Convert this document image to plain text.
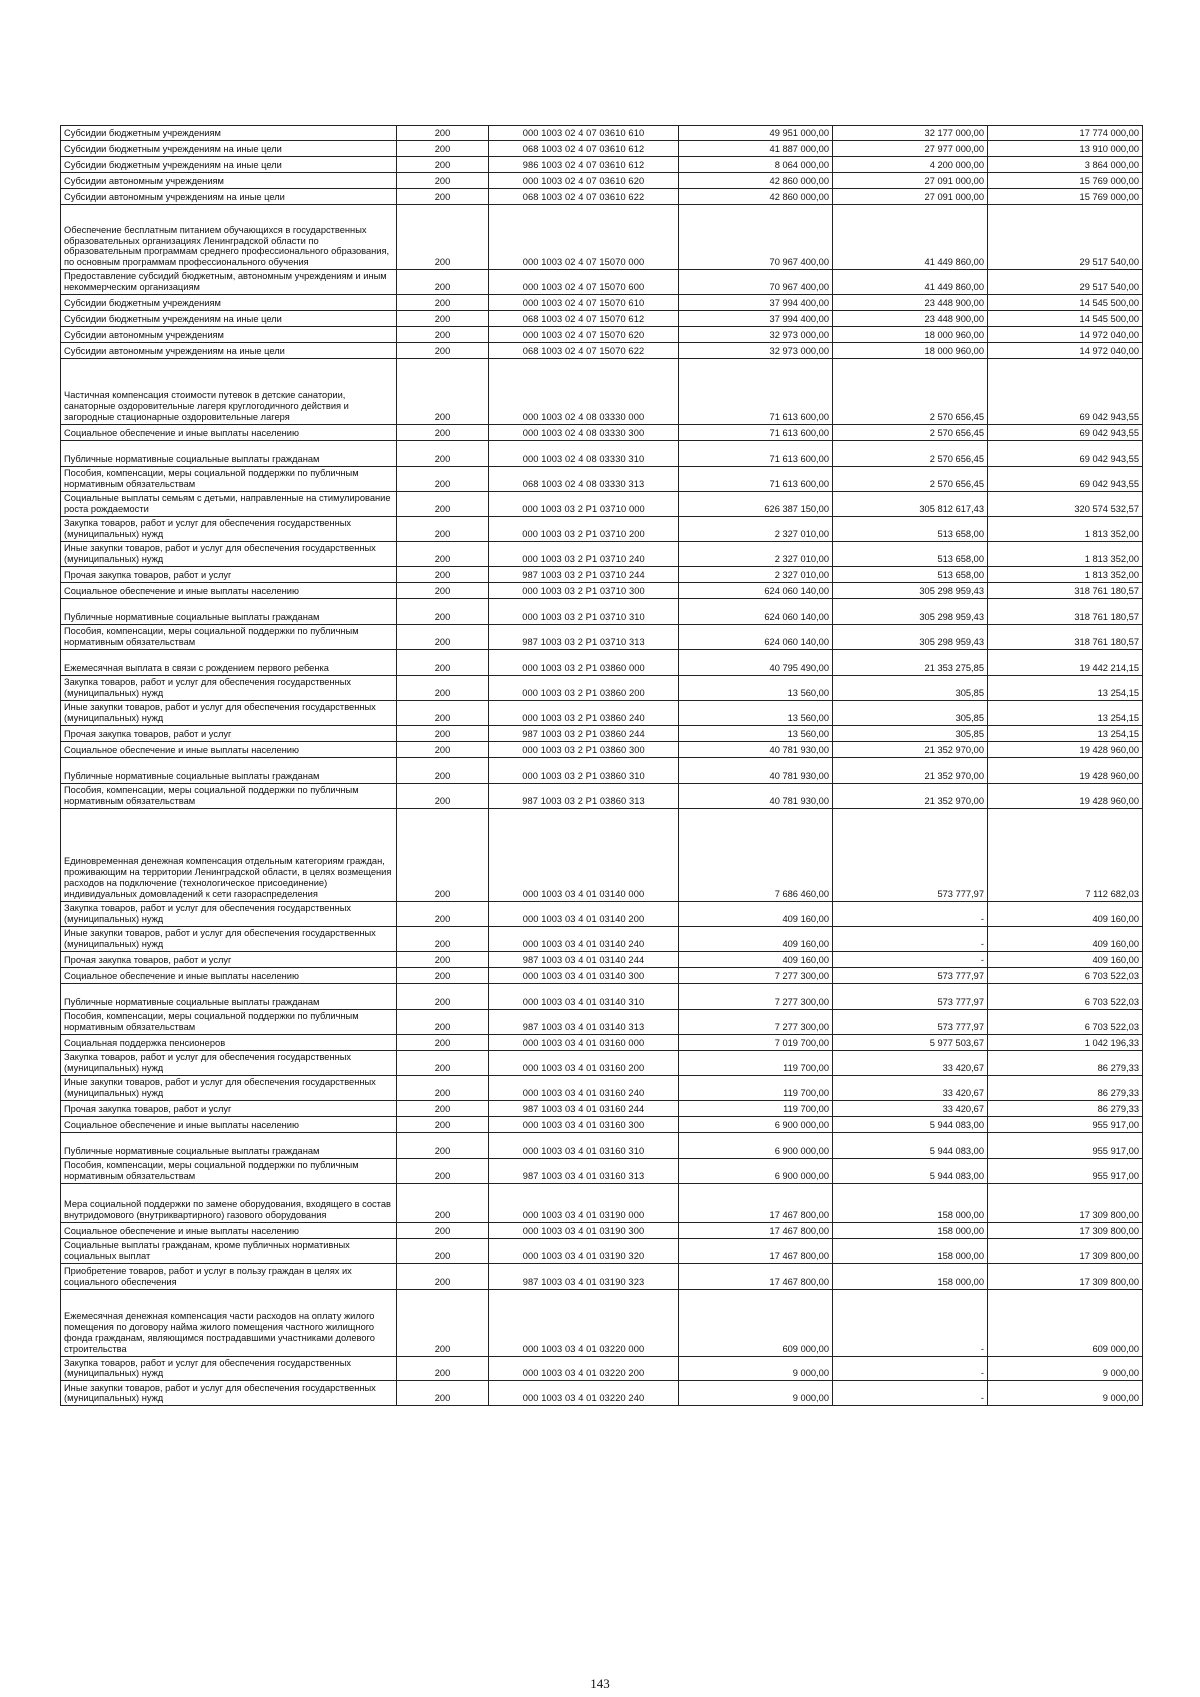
Субсидии бюджетным учреждениям	200	000 1003 02 4 07 03610 610	49 951 000,00	32 177 000,00	17 774 000,00
Субсидии бюджетным учреждениям на иные цели	200	068 1003 02 4 07 03610 612	41 887 000,00	27 977 000,00	13 910 000,00
Субсидии бюджетным учреждениям на иные цели	200	986 1003 02 4 07 03610 612	8 064 000,00	4 200 000,00	3 864 000,00
Субсидии автономным учреждениям	200	000 1003 02 4 07 03610 620	42 860 000,00	27 091 000,00	15 769 000,00
Субсидии автономным учреждениям на иные цели	200	068 1003 02 4 07 03610 622	42 860 000,00	27 091 000,00	15 769 000,00
Обеспечение бесплатным питанием обучающихся в государственных образовательных организациях Ленинградской области по образовательным программам среднего профессионального образования, по основным программам профессионального обучения	200	000 1003 02 4 07 15070 000	70 967 400,00	41 449 860,00	29 517 540,00
Предоставление субсидий бюджетным, автономным учреждениям и иным некоммерческим организациям	200	000 1003 02 4 07 15070 600	70 967 400,00	41 449 860,00	29 517 540,00
Субсидии бюджетным учреждениям	200	000 1003 02 4 07 15070 610	37 994 400,00	23 448 900,00	14 545 500,00
Субсидии бюджетным учреждениям на иные цели	200	068 1003 02 4 07 15070 612	37 994 400,00	23 448 900,00	14 545 500,00
Субсидии автономным учреждениям	200	000 1003 02 4 07 15070 620	32 973 000,00	18 000 960,00	14 972 040,00
Субсидии автономным учреждениям на иные цели	200	068 1003 02 4 07 15070 622	32 973 000,00	18 000 960,00	14 972 040,00
Частичная компенсация стоимости путевок в детские санатории, санаторные оздоровительные лагеря круглогодичного действия и загородные стационарные оздоровительные лагеря	200	000 1003 02 4 08 03330 000	71 613 600,00	2 570 656,45	69 042 943,55
Социальное обеспечение и иные выплаты населению	200	000 1003 02 4 08 03330 300	71 613 600,00	2 570 656,45	69 042 943,55
Публичные нормативные социальные выплаты гражданам	200	000 1003 02 4 08 03330 310	71 613 600,00	2 570 656,45	69 042 943,55
Пособия, компенсации, меры социальной поддержки по публичным нормативным обязательствам	200	068 1003 02 4 08 03330 313	71 613 600,00	2 570 656,45	69 042 943,55
Социальные выплаты семьям с детьми, направленные на стимулирование роста рождаемости	200	000 1003 03 2 P1 03710 000	626 387 150,00	305 812 617,43	320 574 532,57
Закупка товаров, работ и услуг для обеспечения государственных (муниципальных) нужд	200	000 1003 03 2 P1 03710 200	2 327 010,00	513 658,00	1 813 352,00
Иные закупки товаров, работ и услуг для обеспечения государственных (муниципальных) нужд	200	000 1003 03 2 P1 03710 240	2 327 010,00	513 658,00	1 813 352,00
Прочая закупка товаров, работ и услуг	200	987 1003 03 2 P1 03710 244	2 327 010,00	513 658,00	1 813 352,00
Социальное обеспечение и иные выплаты населению	200	000 1003 03 2 P1 03710 300	624 060 140,00	305 298 959,43	318 761 180,57
Публичные нормативные социальные выплаты гражданам	200	000 1003 03 2 P1 03710 310	624 060 140,00	305 298 959,43	318 761 180,57
Пособия, компенсации, меры социальной поддержки по публичным нормативным обязательствам	200	987 1003 03 2 P1 03710 313	624 060 140,00	305 298 959,43	318 761 180,57
Ежемесячная выплата в связи с рождением первого ребенка	200	000 1003 03 2 P1 03860 000	40 795 490,00	21 353 275,85	19 442 214,15
Закупка товаров, работ и услуг для обеспечения государственных (муниципальных) нужд	200	000 1003 03 2 P1 03860 200	13 560,00	305,85	13 254,15
Иные закупки товаров, работ и услуг для обеспечения государственных (муниципальных) нужд	200	000 1003 03 2 P1 03860 240	13 560,00	305,85	13 254,15
Прочая закупка товаров, работ и услуг	200	987 1003 03 2 P1 03860 244	13 560,00	305,85	13 254,15
Социальное обеспечение и иные выплаты населению	200	000 1003 03 2 P1 03860 300	40 781 930,00	21 352 970,00	19 428 960,00
Публичные нормативные социальные выплаты гражданам	200	000 1003 03 2 P1 03860 310	40 781 930,00	21 352 970,00	19 428 960,00
Пособия, компенсации, меры социальной поддержки по публичным нормативным обязательствам	200	987 1003 03 2 P1 03860 313	40 781 930,00	21 352 970,00	19 428 960,00
Единовременная денежная компенсация отдельным категориям граждан, проживающим на территории Ленинградской области, в целях возмещения расходов на подключение (технологическое присоединение) индивидуальных домовладений к сети газораспределения	200	000 1003 03 4 01 03140 000	7 686 460,00	573 777,97	7 112 682,03
Закупка товаров, работ и услуг для обеспечения государственных (муниципальных) нужд	200	000 1003 03 4 01 03140 200	409 160,00	-	409 160,00
Иные закупки товаров, работ и услуг для обеспечения государственных (муниципальных) нужд	200	000 1003 03 4 01 03140 240	409 160,00	-	409 160,00
Прочая закупка товаров, работ и услуг	200	987 1003 03 4 01 03140 244	409 160,00	-	409 160,00
Социальное обеспечение и иные выплаты населению	200	000 1003 03 4 01 03140 300	7 277 300,00	573 777,97	6 703 522,03
Публичные нормативные социальные выплаты гражданам	200	000 1003 03 4 01 03140 310	7 277 300,00	573 777,97	6 703 522,03
Пособия, компенсации, меры социальной поддержки по публичным нормативным обязательствам	200	987 1003 03 4 01 03140 313	7 277 300,00	573 777,97	6 703 522,03
Социальная поддержка пенсионеров	200	000 1003 03 4 01 03160 000	7 019 700,00	5 977 503,67	1 042 196,33
Закупка товаров, работ и услуг для обеспечения государственных (муниципальных) нужд	200	000 1003 03 4 01 03160 200	119 700,00	33 420,67	86 279,33
Иные закупки товаров, работ и услуг для обеспечения государственных (муниципальных) нужд	200	000 1003 03 4 01 03160 240	119 700,00	33 420,67	86 279,33
Прочая закупка товаров, работ и услуг	200	987 1003 03 4 01 03160 244	119 700,00	33 420,67	86 279,33
Социальное обеспечение и иные выплаты населению	200	000 1003 03 4 01 03160 300	6 900 000,00	5 944 083,00	955 917,00
Публичные нормативные социальные выплаты гражданам	200	000 1003 03 4 01 03160 310	6 900 000,00	5 944 083,00	955 917,00
Пособия, компенсации, меры социальной поддержки по публичным нормативным обязательствам	200	987 1003 03 4 01 03160 313	6 900 000,00	5 944 083,00	955 917,00
Мера социальной поддержки по замене оборудования, входящего в состав внутридомового (внутриквартирного) газового оборудования	200	000 1003 03 4 01 03190 000	17 467 800,00	158 000,00	17 309 800,00
Социальное обеспечение и иные выплаты населению	200	000 1003 03 4 01 03190 300	17 467 800,00	158 000,00	17 309 800,00
Социальные выплаты гражданам, кроме публичных нормативных социальных выплат	200	000 1003 03 4 01 03190 320	17 467 800,00	158 000,00	17 309 800,00
Приобретение товаров, работ и услуг в пользу граждан в целях их социального обеспечения	200	987 1003 03 4 01 03190 323	17 467 800,00	158 000,00	17 309 800,00
Ежемесячная денежная компенсация части расходов на оплату жилого помещения по договору найма жилого помещения частного жилищного фонда гражданам, являющимся пострадавшими участниками долевого строительства	200	000 1003 03 4 01 03220 000	609 000,00	-	609 000,00
Закупка товаров, работ и услуг для обеспечения государственных (муниципальных) нужд	200	000 1003 03 4 01 03220 200	9 000,00	-	9 000,00
Иные закупки товаров, работ и услуг для обеспечения государственных (муниципальных) нужд	200	000 1003 03 4 01 03220 240	9 000,00	-	9 000,00
143
